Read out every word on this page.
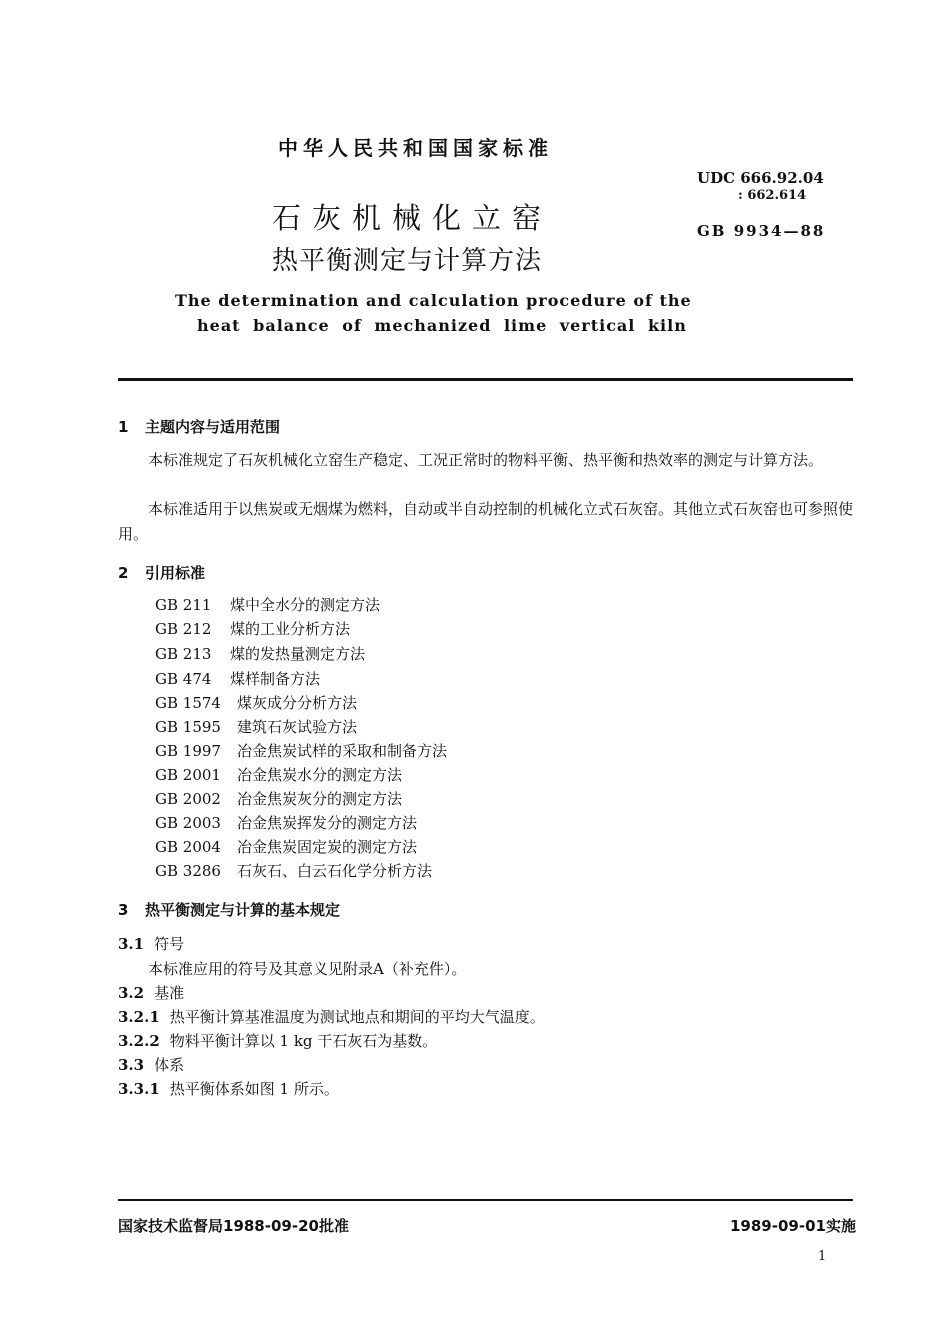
中华人民共和国国家标准
UDC 666.92.04
: 662.614
GB 9934—88
石灰机械化立窑
热平衡测定与计算方法
The determination and calculation procedure of the
heat balance of mechanized lime vertical kiln
1 主题内容与适用范围
本标准规定了石灰机械化立窑生产稳定、工况正常时的物料平衡、热平衡和热效率的测定与计算方法。
本标准适用于以焦炭或无烟煤为燃料，自动或半自动控制的机械化立式石灰窑。其他立式石灰窑也可参照使用。
2 引用标准
GB 211 煤中全水分的测定方法
GB 212 煤的工业分析方法
GB 213 煤的发热量测定方法
GB 474 煤样制备方法
GB 1574 煤灰成分分析方法
GB 1595 建筑石灰试验方法
GB 1997 冶金焦炭试样的采取和制备方法
GB 2001 冶金焦炭水分的测定方法
GB 2002 冶金焦炭灰分的测定方法
GB 2003 冶金焦炭挥发分的测定方法
GB 2004 冶金焦炭固定炭的测定方法
GB 3286 石灰石、白云石化学分析方法
3 热平衡测定与计算的基本规定
3.1 符号
本标准应用的符号及其意义见附录A（补充件）。
3.2 基准
3.2.1 热平衡计算基准温度为测试地点和期间的平均大气温度。
3.2.2 物料平衡计算以 1 kg 干石灰石为基数。
3.3 体系
3.3.1 热平衡体系如图 1 所示。
国家技术监督局1988-09-20批准	1989-09-01实施
1
